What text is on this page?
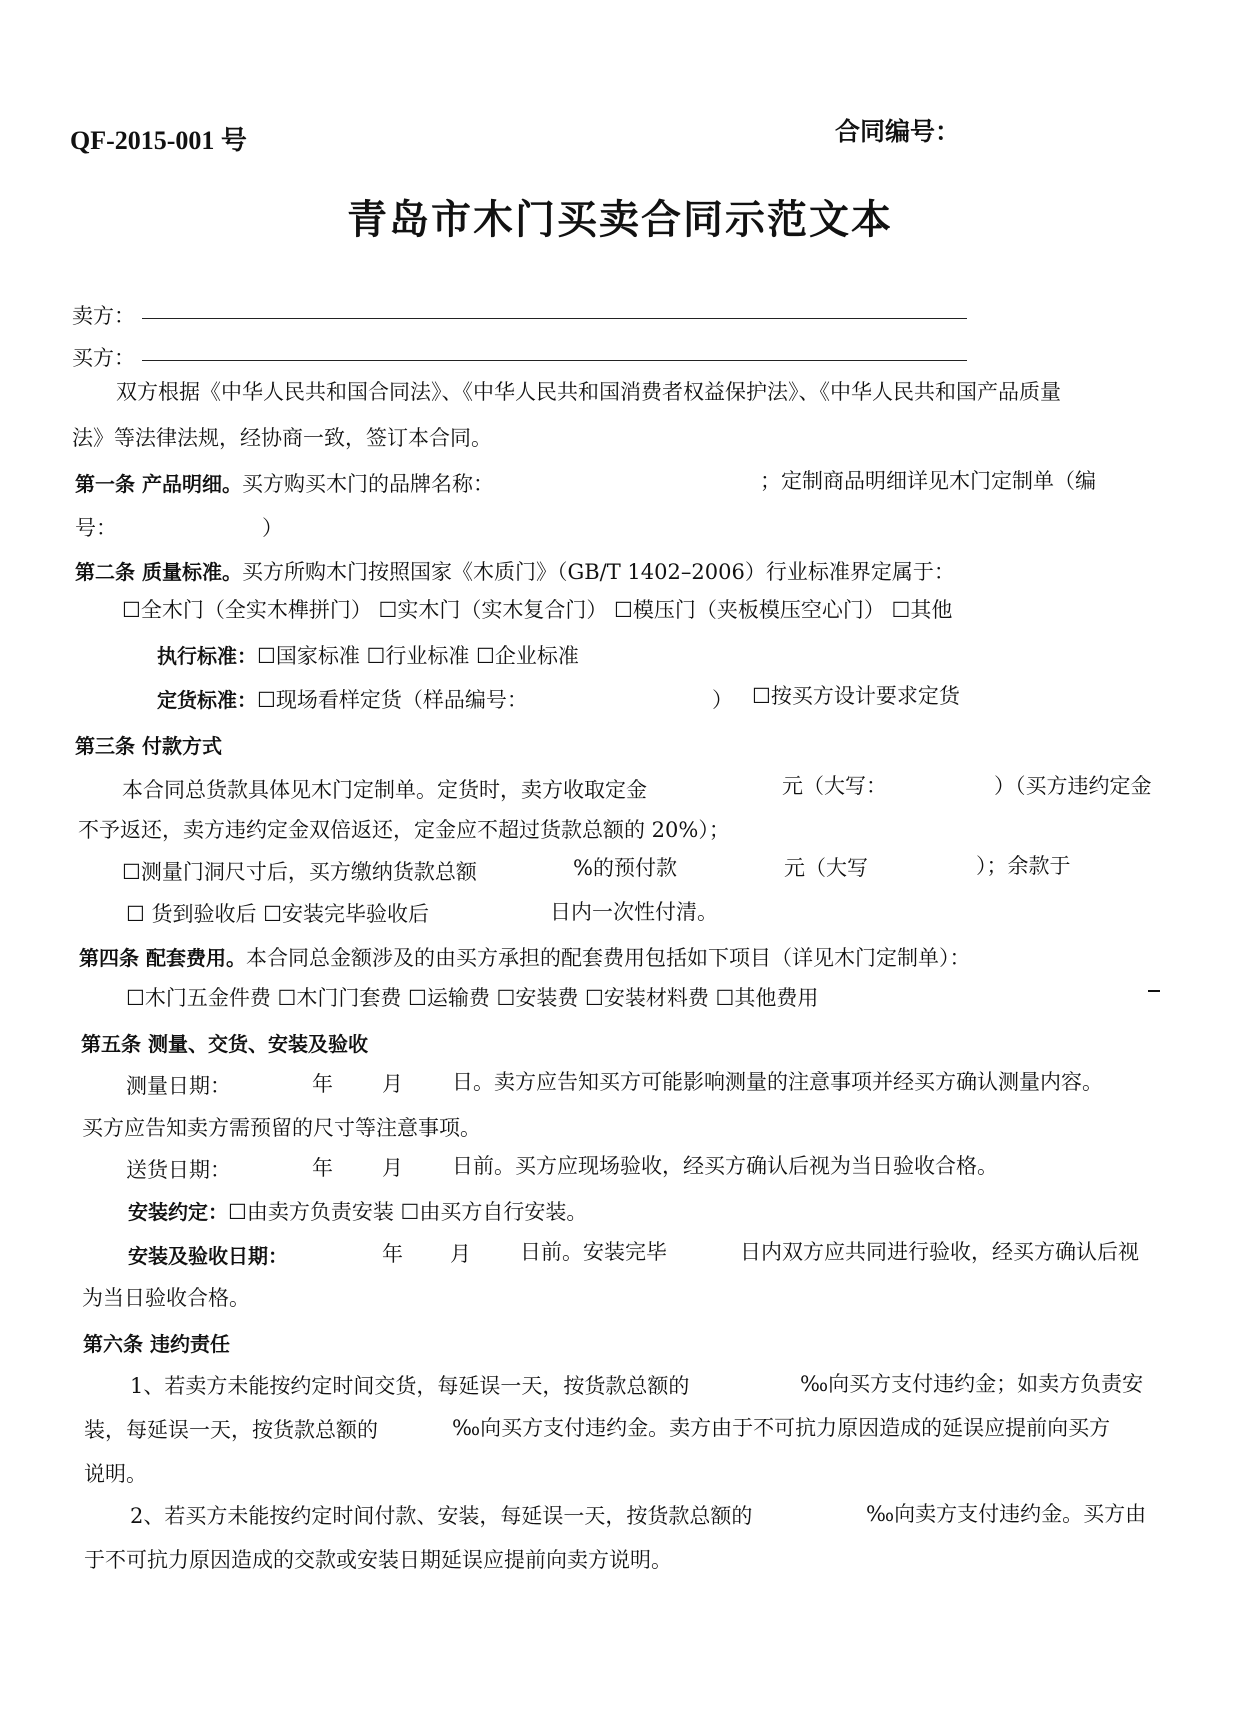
QF-2015-001 号	合同编号：
青岛市木门买卖合同示范文本
卖方：
买方：
双方根据《中华人民共和国合同法》、《中华人民共和国消费者权益保护法》、《中华人民共和国产品质量
法》等法律法规，经协商一致，签订本合同。
第一条 产品明细。买方购买木门的品牌名称：	；定制商品明细详见木门定制单（编
号：	）
第二条 质量标准。买方所购木门按照国家《木质门》（GB/T 1402–2006）行业标准界定属于：
☐全木门（全实木榫拼门） ☐实木门（实木复合门） ☐模压门（夹板模压空心门） ☐其他
执行标准：☐国家标准 ☐行业标准 ☐企业标准
定货标准：☐现场看样定货（样品编号：	） ☐按买方设计要求定货
第三条 付款方式
本合同总货款具体见木门定制单。定货时，卖方收取定金	元（大写：	）（买方违约定金
不予返还，卖方违约定金双倍返还，定金应不超过货款总额的 20%）；
☐测量门洞尺寸后，买方缴纳货款总额	%的预付款	元（大写	）；余款于
☐ 货到验收后 ☐安装完毕验收后	日内一次性付清。
第四条 配套费用。本合同总金额涉及的由买方承担的配套费用包括如下项目（详见木门定制单）：
☐木门五金件费 ☐木门门套费 ☐运输费 ☐安装费 ☐安装材料费 ☐其他费用
第五条 测量、交货、安装及验收
测量日期：	年 月 日。卖方应告知买方可能影响测量的注意事项并经买方确认测量内容。
买方应告知卖方需预留的尺寸等注意事项。
送货日期：	年 月 日前。买方应现场验收，经买方确认后视为当日验收合格。
安装约定：☐由卖方负责安装 ☐由买方自行安装。
安装及验收日期：	年 月 日前。安装完毕	日内双方应共同进行验收，经买方确认后视
为当日验收合格。
第六条 违约责任
1、若卖方未能按约定时间交货，每延误一天，按货款总额的	‰向买方支付违约金；如卖方负责安
装，每延误一天，按货款总额的	‰向买方支付违约金。卖方由于不可抗力原因造成的延误应提前向买方
说明。
2、若买方未能按约定时间付款、安装，每延误一天，按货款总额的	‰向卖方支付违约金。买方由
于不可抗力原因造成的交款或安装日期延误应提前向卖方说明。
